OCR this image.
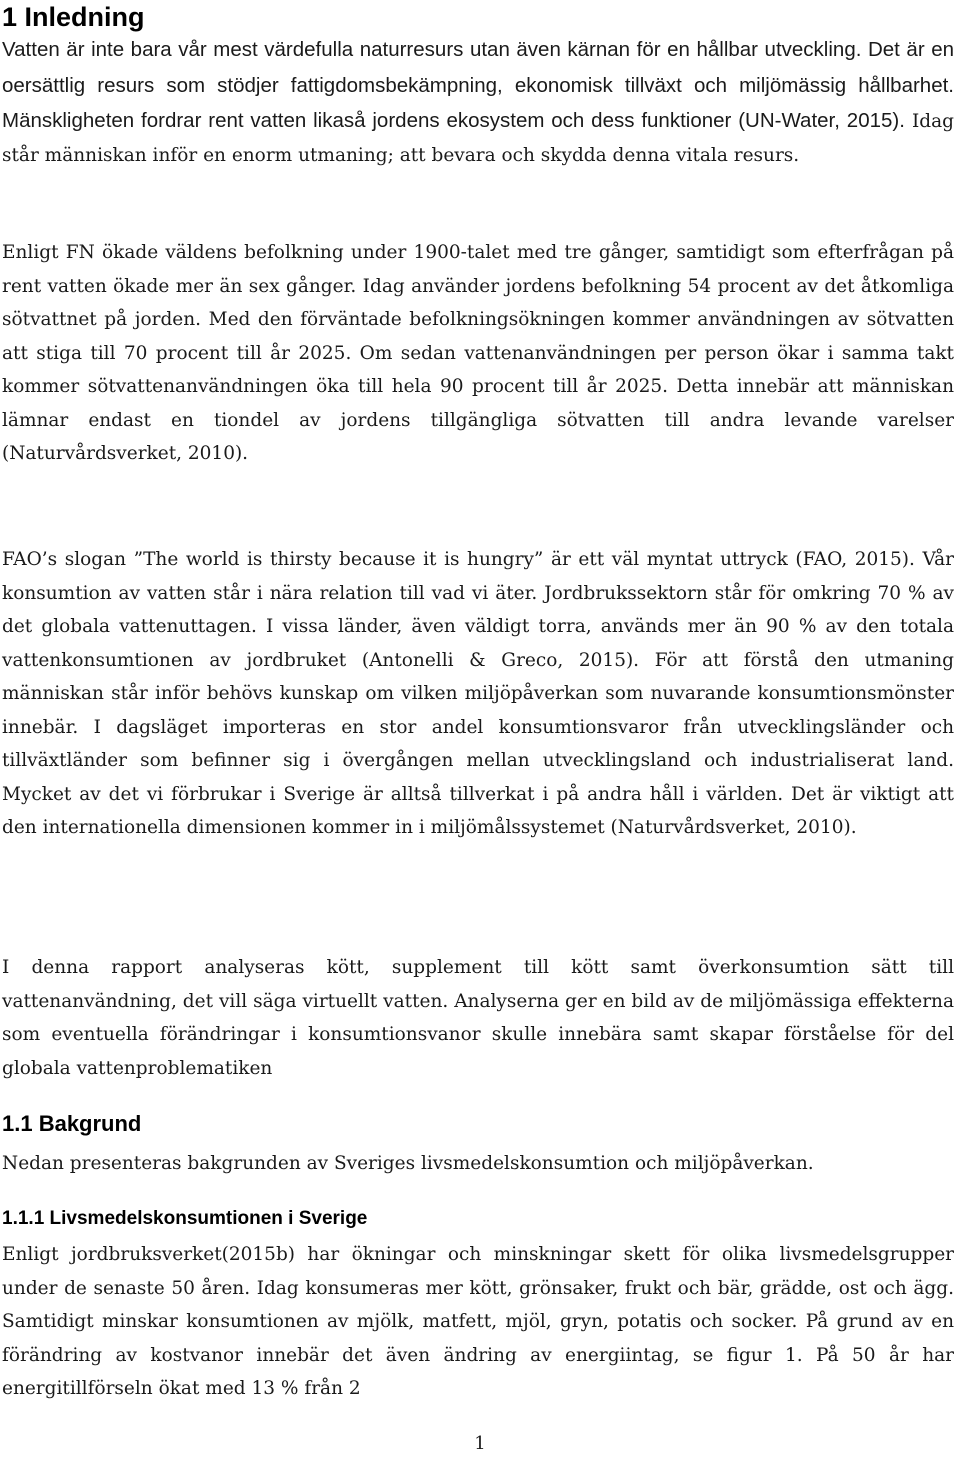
1 Inledning

Vatten är inte bara vår mest värdefulla naturresurs utan även kärnan för en hållbar utveckling. Det är en oersättlig resurs som stödjer fattigdomsbekämpning, ekonomisk tillväxt och miljömässig hållbarhet. Mänskligheten fordrar rent vatten likaså jordens ekosystem och dess funktioner (UN-Water, 2015). Idag står människan inför en enorm utmaning; att bevara och skydda denna vitala resurs.

Enligt FN ökade väldens befolkning under 1900-talet med tre gånger, samtidigt som efterfrågan på rent vatten ökade mer än sex gånger. Idag använder jordens befolkning 54 procent av det åtkomliga sötvattnet på jorden. Med den förväntade befolkningsökningen kommer användningen av sötvatten att stiga till 70 procent till år 2025. Om sedan vattenanvändningen per person ökar i samma takt kommer sötvattenanvändningen öka till hela 90 procent till år 2025. Detta innebär att människan lämnar endast en tiondel av jordens tillgängliga sötvatten till andra levande varelser (Naturvårdsverket, 2010).

FAO’s slogan ”The world is thirsty because it is hungry” är ett väl myntat uttryck (FAO, 2015). Vår konsumtion av vatten står i nära relation till vad vi äter. Jordbrukssektorn står för omkring 70 % av det globala vattenuttagen. I vissa länder, även väldigt torra, används mer än 90 % av den totala vattenkonsumtionen av jordbruket (Antonelli & Greco, 2015). För att förstå den utmaning människan står inför behövs kunskap om vilken miljöpåverkan som nuvarande konsumtionsmönster innebär. I dagsläget importeras en stor andel konsumtionsvaror från utvecklingsländer och tillväxtländer som befinner sig i övergången mellan utvecklingsland och industrialiserat land. Mycket av det vi förbrukar i Sverige är alltså tillverkat i på andra håll i världen. Det är viktigt att den internationella dimensionen kommer in i miljömålssystemet (Naturvårdsverket, 2010).

I denna rapport analyseras kött, supplement till kött samt överkonsumtion sätt till vattenanvändning, det vill säga virtuellt vatten. Analyserna ger en bild av de miljömässiga effekterna som eventuella förändringar i konsumtionsvanor skulle innebära samt skapar förståelse för del globala vattenproblematiken

1.1 Bakgrund

Nedan presenteras bakgrunden av Sveriges livsmedelskonsumtion och miljöpåverkan.

1.1.1 Livsmedelskonsumtionen i Sverige

Enligt jordbruksverket(2015b) har ökningar och minskningar skett för olika livsmedelsgrupper under de senaste 50 åren. Idag konsumeras mer kött, grönsaker, frukt och bär, grädde, ost och ägg. Samtidigt minskar konsumtionen av mjölk, matfett, mjöl, gryn, potatis och socker. På grund av en förändring av kostvanor innebär det även ändring av energiintag, se figur 1. På 50 år har energitillförseln ökat med 13 % från 2

1
